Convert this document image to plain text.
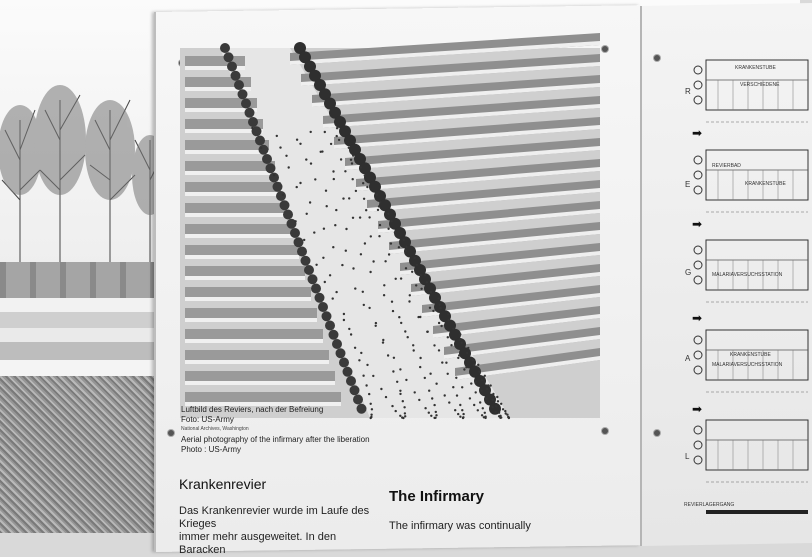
Luftbild des Reviers, nach der Befreiung
Foto: US-Army
National Archives, Washington
Aerial photography of the infirmary after the liberation
Photo : US-Army
Krankenrevier
The Infirmary
Das Krankenrevier wurde im Laufe des Krieges
immer mehr ausgeweitet. In den Baracken
The infirmary was continually
KRANKENSTUBE
VERSCHIEDENE
REVIERBAD
KRANKENSTUBE
MALARIAVERSUCHSSTATION
MALARIAVERSUCHSSTATION
KRANKENSTUBE
REVIERLAGERGANG
R
E
G
A
L
➡
➡
➡
➡
